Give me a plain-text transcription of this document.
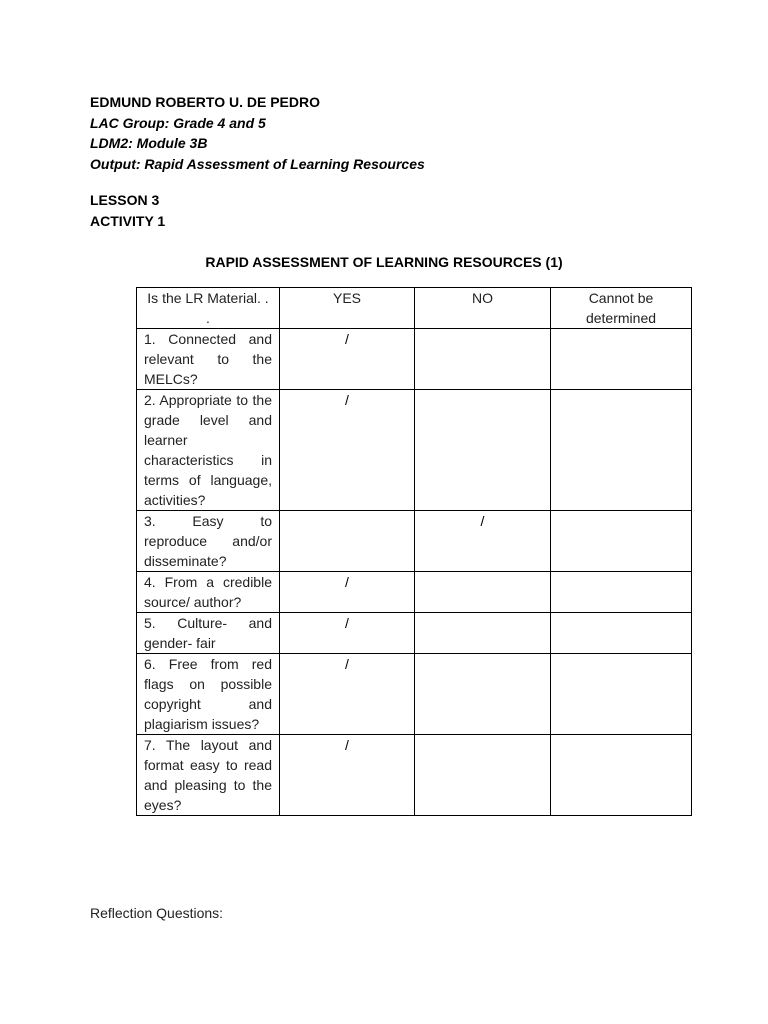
EDMUND ROBERTO U. DE PEDRO
LAC Group: Grade 4 and 5
LDM2: Module 3B
Output: Rapid Assessment of Learning Resources
LESSON 3
ACTIVITY 1
RAPID ASSESSMENT OF LEARNING RESOURCES (1)
Is the LR Material. . .	YES	NO	Cannot be determined
1. Connected and relevant to the MELCs?	/		
2. Appropriate to the grade level and learner characteristics in terms of language, activities?	/		
3. Easy to reproduce and/or disseminate?		/	
4. From a credible source/ author?	/		
5. Culture- and gender- fair	/		
6. Free from red flags on possible copyright and plagiarism issues?	/		
7. The layout and format easy to read and pleasing to the eyes?	/		
Reflection Questions:
